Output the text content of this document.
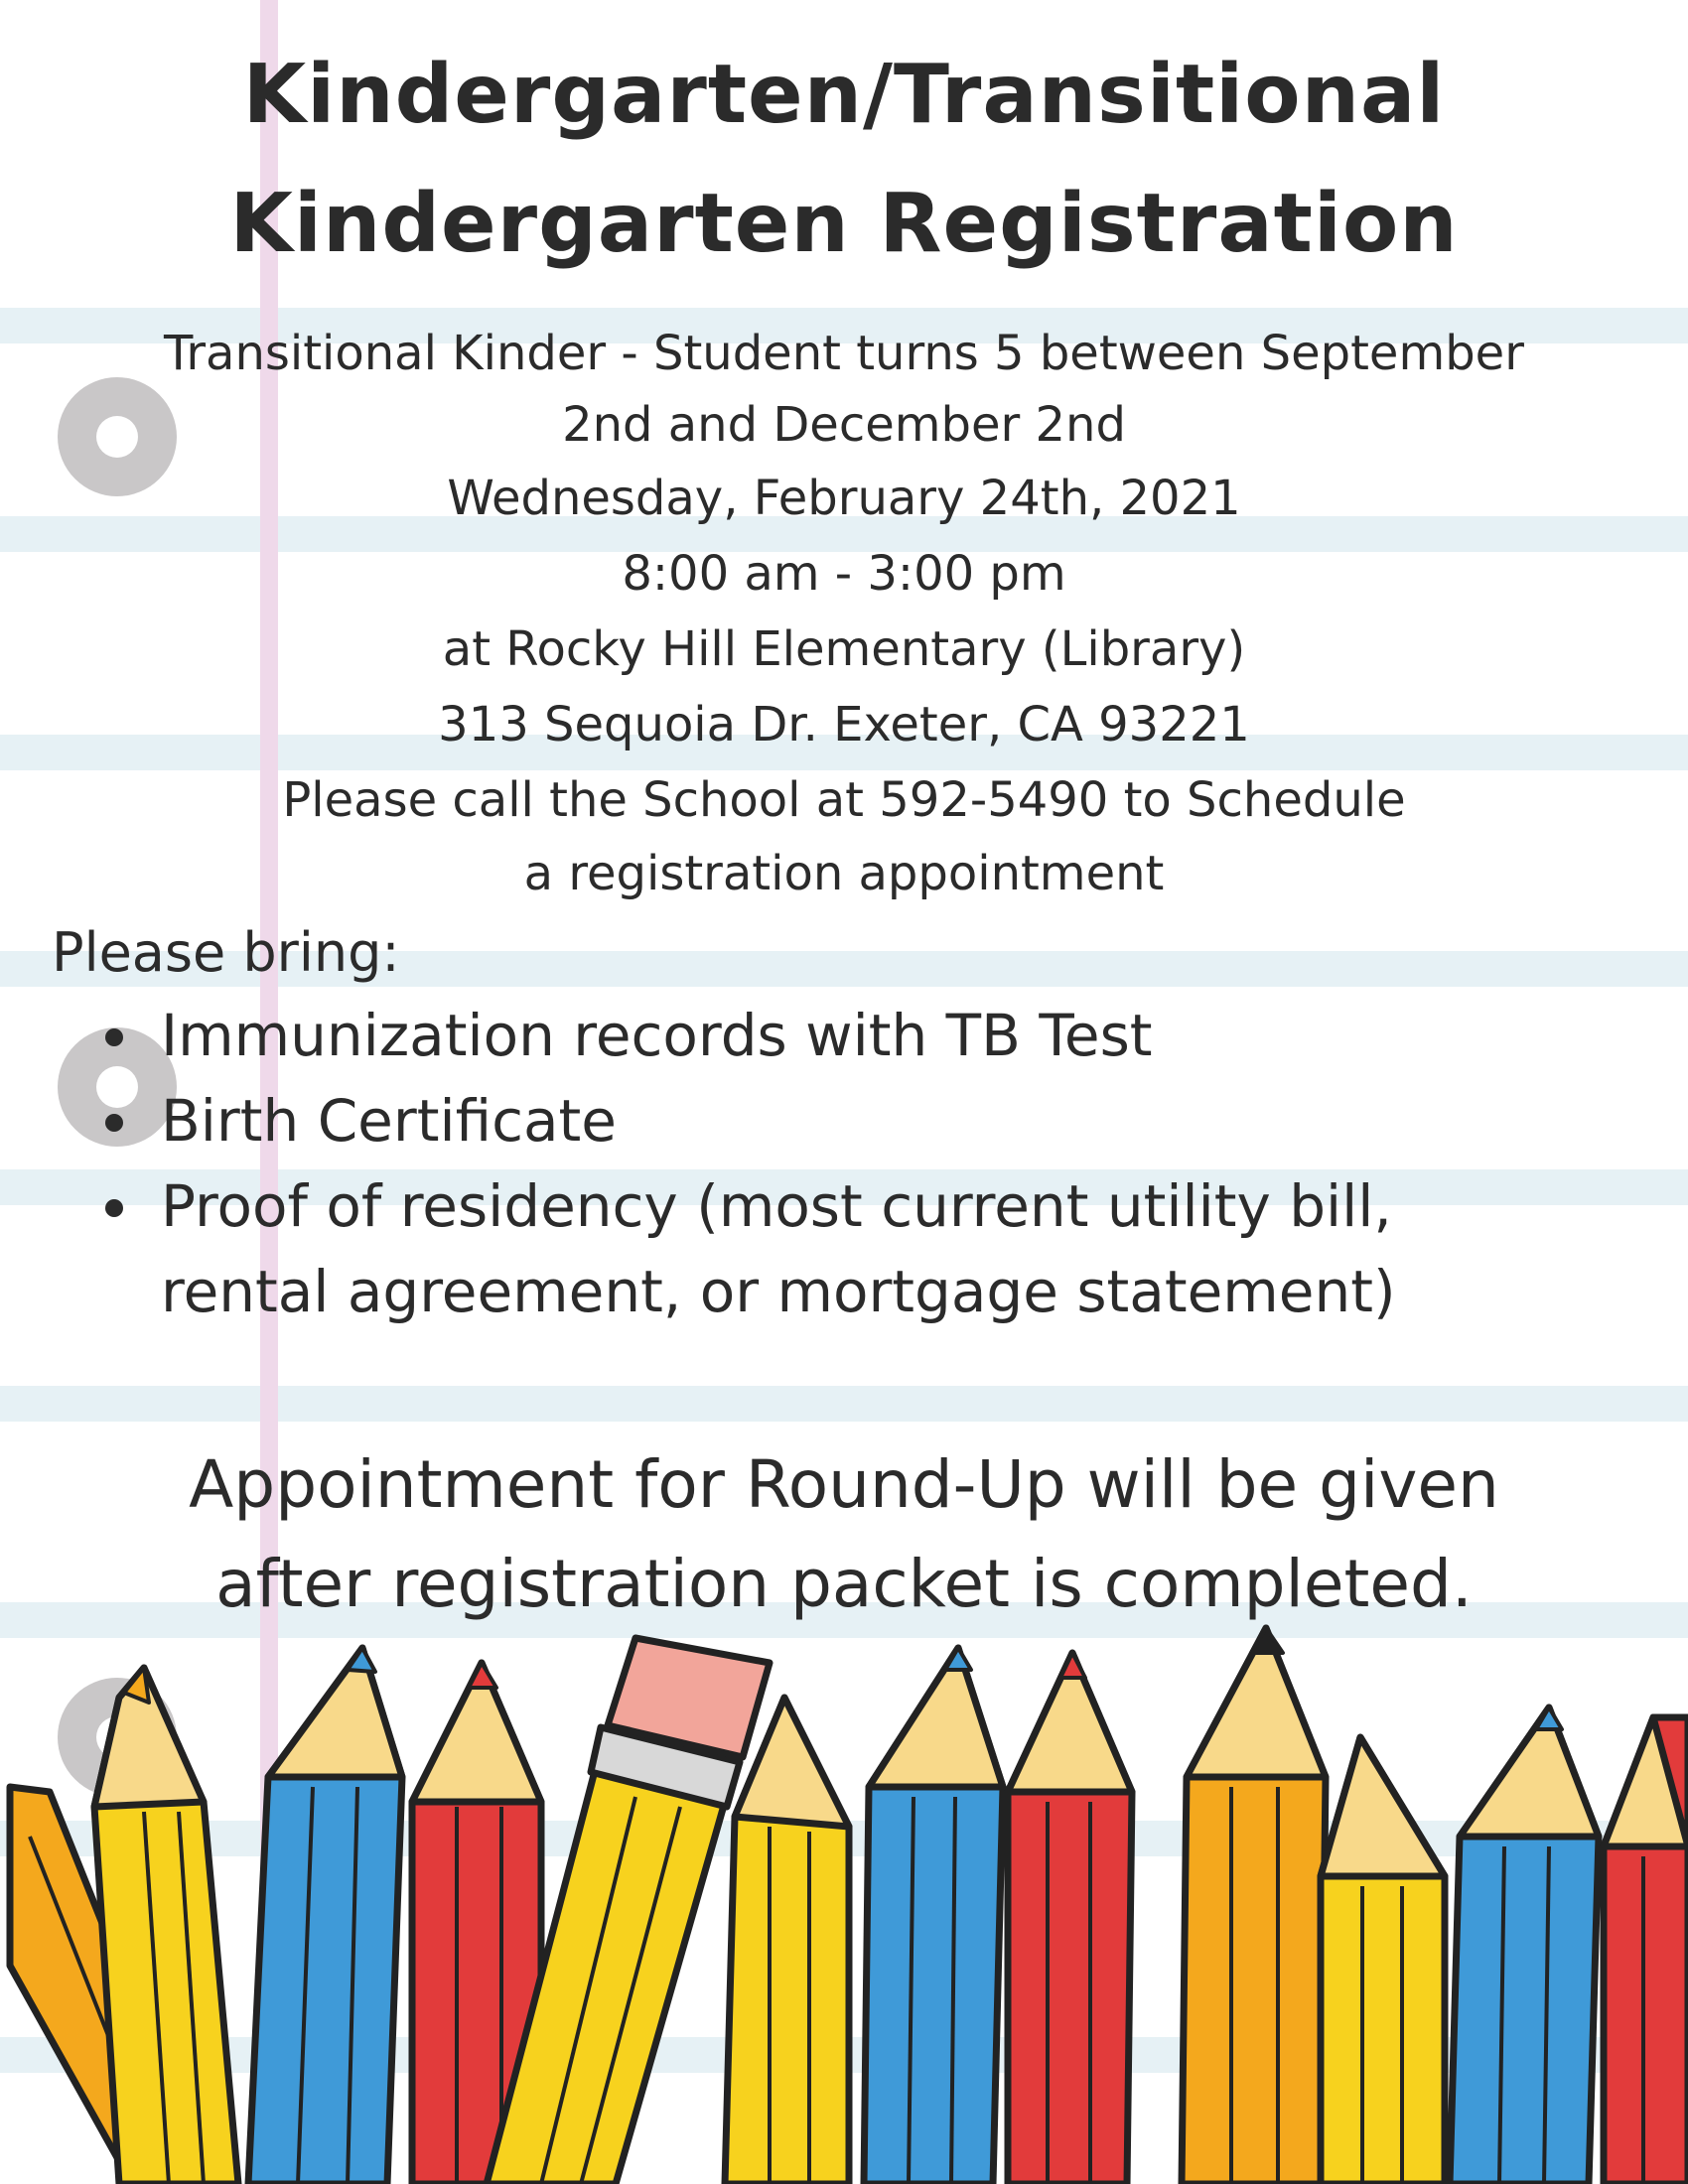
Kindergarten/Transitional
Kindergarten Registration
Transitional Kinder - Student turns 5 between September
2nd and December 2nd
Wednesday, February 24th, 2021
8:00 am - 3:00 pm
at Rocky Hill Elementary (Library)
313 Sequoia Dr. Exeter, CA 93221
Please call the School at 592-5490 to Schedule
a registration appointment
Please bring:
Immunization records with TB Test
Birth Certificate
Proof of residency (most current utility bill, rental agreement, or mortgage statement)
Appointment for Round-Up will be given
after registration packet is completed.
